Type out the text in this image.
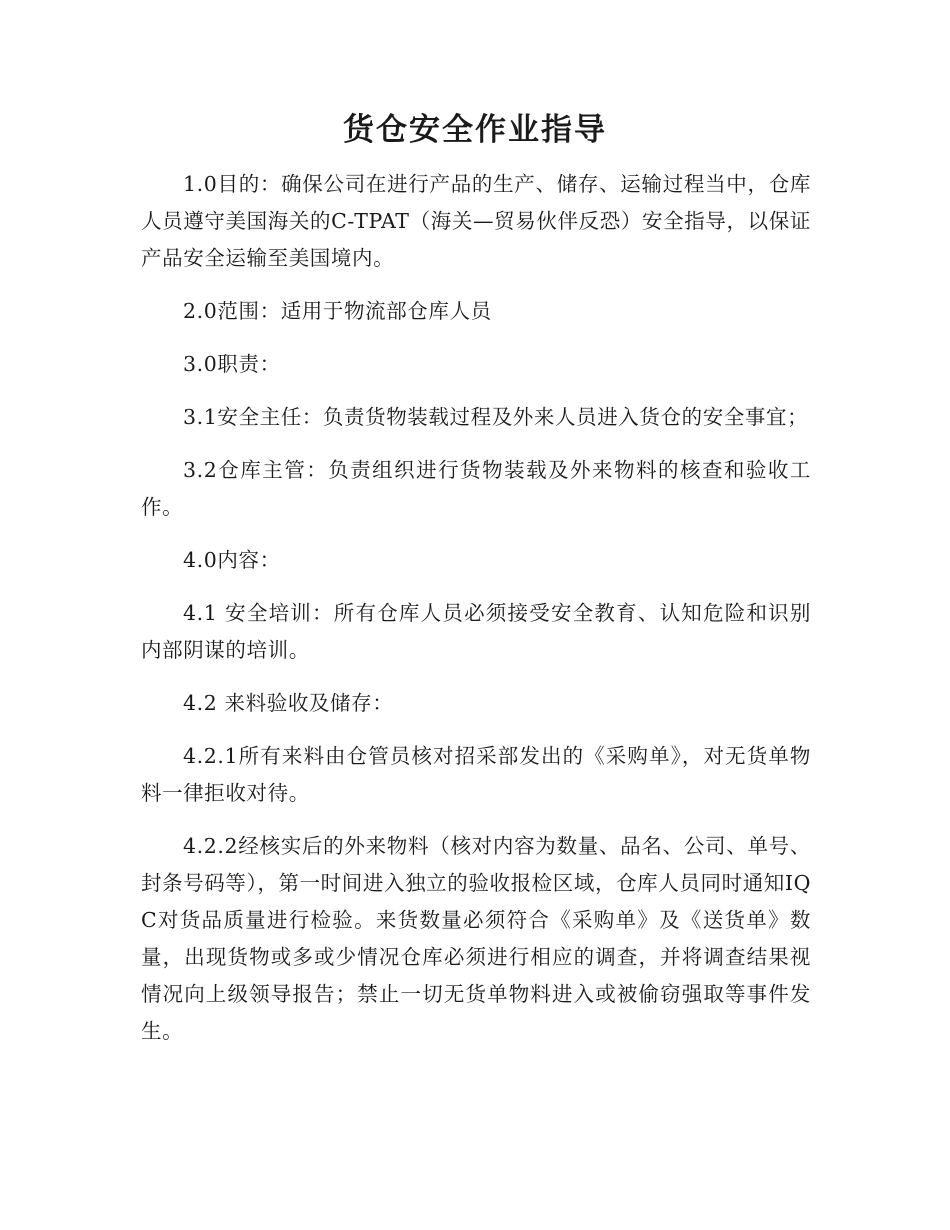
货仓安全作业指导

1.0目的：确保公司在进行产品的生产、储存、运输过程当中，仓库人员遵守美国海关的C-TPAT（海关—贸易伙伴反恐）安全指导，以保证产品安全运输至美国境内。

2.0范围：适用于物流部仓库人员

3.0职责：

3.1安全主任：负责货物装载过程及外来人员进入货仓的安全事宜；

3.2仓库主管：负责组织进行货物装载及外来物料的核查和验收工作。

4.0内容：

4.1 安全培训：所有仓库人员必须接受安全教育、认知危险和识别内部阴谋的培训。

4.2 来料验收及储存：

4.2.1所有来料由仓管员核对招采部发出的《采购单》，对无货单物料一律拒收对待。

4.2.2经核实后的外来物料（核对内容为数量、品名、公司、单号、封条号码等），第一时间进入独立的验收报检区域，仓库人员同时通知IQC对货品质量进行检验。来货数量必须符合《采购单》及《送货单》数量，出现货物或多或少情况仓库必须进行相应的调查，并将调查结果视情况向上级领导报告；禁止一切无货单物料进入或被偷窃强取等事件发生。
